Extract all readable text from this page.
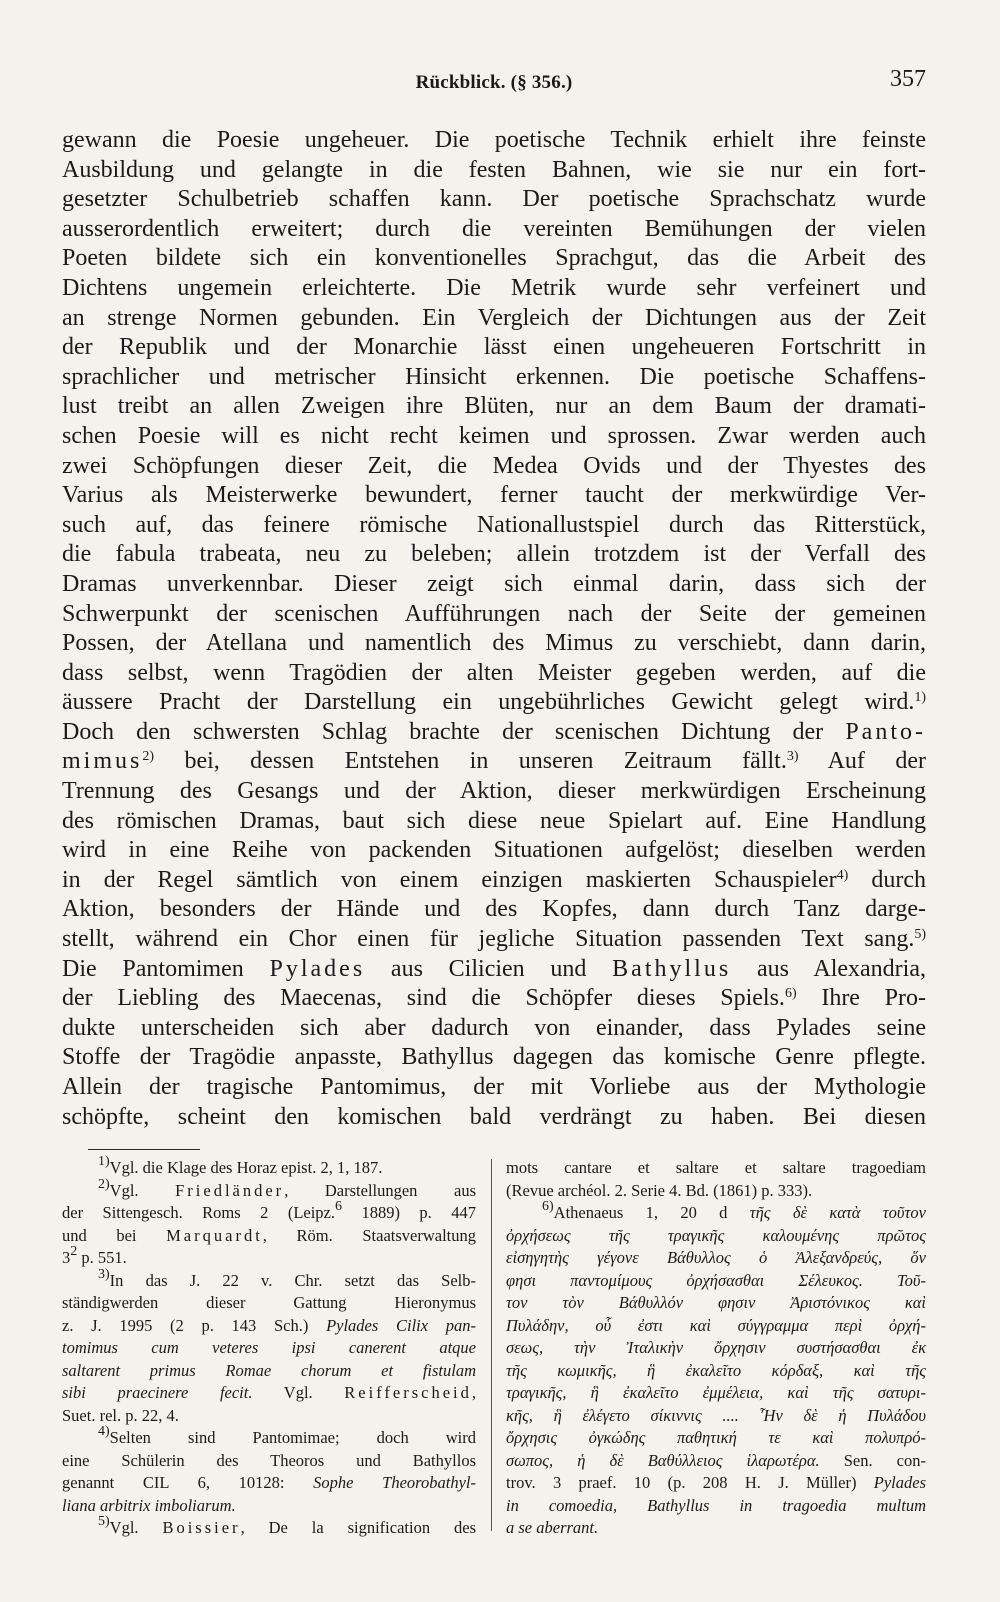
Rückblick. (§ 356.)	357
gewann die Poesie ungeheuer. Die poetische Technik erhielt ihre feinste
Ausbildung und gelangte in die festen Bahnen, wie sie nur ein fort-
gesetzter Schulbetrieb schaffen kann. Der poetische Sprachschatz wurde
ausserordentlich erweitert; durch die vereinten Bemühungen der vielen
Poeten bildete sich ein konventionelles Sprachgut, das die Arbeit des
Dichtens ungemein erleichterte. Die Metrik wurde sehr verfeinert und
an strenge Normen gebunden. Ein Vergleich der Dichtungen aus der Zeit
der Republik und der Monarchie lässt einen ungeheueren Fortschritt in
sprachlicher und metrischer Hinsicht erkennen. Die poetische Schaffens-
lust treibt an allen Zweigen ihre Blüten, nur an dem Baum der dramati-
schen Poesie will es nicht recht keimen und sprossen. Zwar werden auch
zwei Schöpfungen dieser Zeit, die Medea Ovids und der Thyestes des
Varius als Meisterwerke bewundert, ferner taucht der merkwürdige Ver-
such auf, das feinere römische Nationallustspiel durch das Ritterstück,
die fabula trabeata, neu zu beleben; allein trotzdem ist der Verfall des
Dramas unverkennbar. Dieser zeigt sich einmal darin, dass sich der
Schwerpunkt der scenischen Aufführungen nach der Seite der gemeinen
Possen, der Atellana und namentlich des Mimus zu verschiebt, dann darin,
dass selbst, wenn Tragödien der alten Meister gegeben werden, auf die
äussere Pracht der Darstellung ein ungebührliches Gewicht gelegt wird.$^{1)}$
Doch den schwersten Schlag brachte der scenischen Dichtung der Panto-
mimus$^{2)}$ bei, dessen Entstehen in unseren Zeitraum fällt.$^{3)}$ Auf der
Trennung des Gesangs und der Aktion, dieser merkwürdigen Erscheinung
des römischen Dramas, baut sich diese neue Spielart auf. Eine Handlung
wird in eine Reihe von packenden Situationen aufgelöst; dieselben werden
in der Regel sämtlich von einem einzigen maskierten Schauspieler$^{4)}$ durch
Aktion, besonders der Hände und des Kopfes, dann durch Tanz darge-
stellt, während ein Chor einen für jegliche Situation passenden Text sang.$^{5)}$
Die Pantomimen Pylades aus Cilicien und Bathyllus aus Alexandria,
der Liebling des Maecenas, sind die Schöpfer dieses Spiels.$^{6)}$ Ihre Pro-
dukte unterscheiden sich aber dadurch von einander, dass Pylades seine
Stoffe der Tragödie anpasste, Bathyllus dagegen das komische Genre pflegte.
Allein der tragische Pantomimus, der mit Vorliebe aus der Mythologie
schöpfte, scheint den komischen bald verdrängt zu haben. Bei diesen
$^{1)}$Vgl. die Klage des Horaz epist. 2, 1, 187.
$^{2)}$Vgl. Friedländer, Darstellungen aus
der Sittengesch. Roms 2 (Leipz.$^6$ 1889) p. 447
und bei Marquardt, Röm. Staatsverwaltung
$3^2$ p. 551.
$^{3)}$In das J. 22 v. Chr. setzt das Selb-
ständigwerden dieser Gattung Hieronymus
z. J. 1995 (2 p. 143 Sch.) Pylades Cilix pan-
tomimus cum veteres ipsi canerent atque
saltarent primus Romae chorum et fistulam
sibi praecinere fecit. Vgl. Reifferscheid,
Suet. rel. p. 22, 4.
$^{4)}$Selten sind Pantomimae; doch wird
eine Schülerin des Theoros und Bathyllos
genannt CIL 6, 10128: Sophe Theorobathyl-
liana arbitrix imboliarum.
$^{5)}$Vgl. Boissier, De la signification des
mots cantare et saltare et saltare tragoediam
(Revue archéol. 2. Serie 4. Bd. (1861) p. 333).
$^{6)}$Athenaeus 1, 20 d τῆς δὲ κατὰ τοῦτον
ὀρχήσεως τῆς τραγικῆς καλουμένης πρῶτος
εἰσηγητὴς γέγονε Βάθυλλος ὁ Ἀλεξανδρεύς, ὅν
φησι παντομίμους ὀρχήσασθαι Σέλευκος. Τοῦ-
τον τὸν Βάθυλλόν φησιν Ἀριστόνικος καὶ
Πυλάδην, οὗ ἐστι καὶ σύγγραμμα περὶ ὀρχή-
σεως, τὴν Ἰταλικὴν ὄρχησιν συστήσασθαι ἐκ
τῆς κωμικῆς, ἣ ἐκαλεῖτο κόρδαξ, καὶ τῆς
τραγικῆς, ἣ ἐκαλεῖτο ἐμμέλεια, καὶ τῆς σατυρι-
κῆς, ἣ ἐλέγετο σίκιννις .... Ἦν δὲ ἡ Πυλάδου
ὄρχησις ὀγκώδης παθητική τε καὶ πολυπρό-
σωπος, ἡ δὲ Βαθύλλειος ἱλαρωτέρα. Sen. con-
trov. 3 praef. 10 (p. 208 H. J. Müller) Pylades
in comoedia, Bathyllus in tragoedia multum
a se aberrant.
